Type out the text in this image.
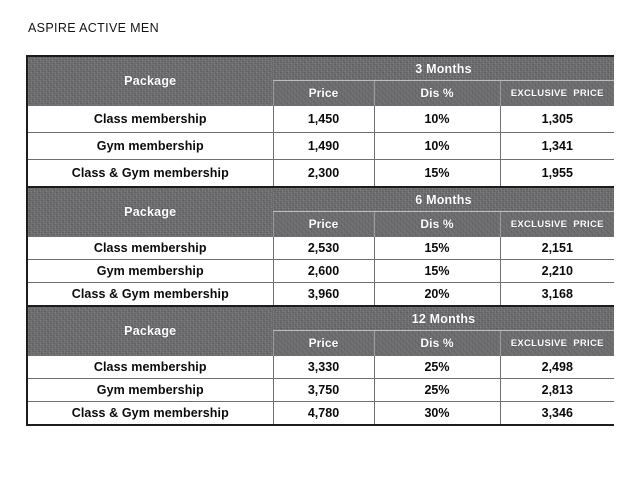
ASPIRE ACTIVE MEN
Package	3 Months		
	Price	Dis %	EXCLUSIVE PRICE
Class membership	1,450	10%	1,305
Gym membership	1,490	10%	1,341
Class & Gym membership	2,300	15%	1,955
Package	6 Months		
	Price	Dis %	EXCLUSIVE PRICE
Class membership	2,530	15%	2,151
Gym membership	2,600	15%	2,210
Class & Gym membership	3,960	20%	3,168
Package	12 Months		
	Price	Dis %	EXCLUSIVE PRICE
Class membership	3,330	25%	2,498
Gym membership	3,750	25%	2,813
Class & Gym membership	4,780	30%	3,346
